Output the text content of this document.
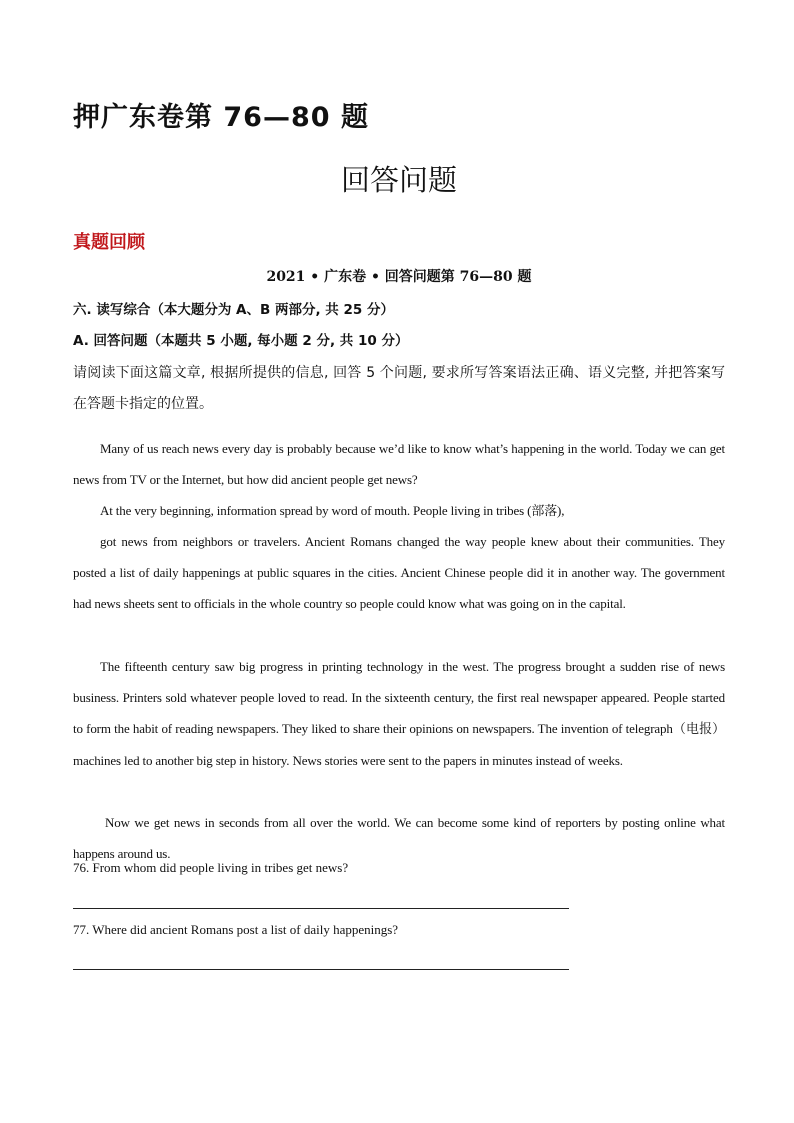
押广东卷第 76—80 题
回答问题
真题回顾
2021 • 广东卷 • 回答问题第 76—80 题
六. 读写综合（本大题分为 A、B 两部分, 共 25 分）
A. 回答问题（本题共 5 小题, 每小题 2 分, 共 10 分）
请阅读下面这篇文章, 根据所提供的信息, 回答 5 个问题, 要求所写答案语法正确、语义完整, 并把答案写在答题卡指定的位置。

Many of us reach news every day is probably because we’d like to know what’s happening in the world. Today we can get news from TV or the Internet, but how did ancient people get news?

At the very beginning, information spread by word of mouth. People living in tribes (部落),

got news from neighbors or travelers. Ancient Romans changed the way people knew about their communities. They posted a list of daily happenings at public squares in the cities. Ancient Chinese people did it in another way. The government had news sheets sent to officials in the whole country so people could know what was going on in the capital.

The fifteenth century saw big progress in printing technology in the west. The progress brought a sudden rise of news business. Printers sold whatever people loved to read. In the sixteenth century, the first real newspaper appeared. People started to form the habit of reading newspapers. They liked to share their opinions on newspapers. The invention of telegraph（电报）machines led to another big step in history. News stories were sent to the papers in minutes instead of weeks.

Now we get news in seconds from all over the world. We can become some kind of reporters by posting online what happens around us.

76. From whom did people living in tribes get news?
77. Where did ancient Romans post a list of daily happenings?
